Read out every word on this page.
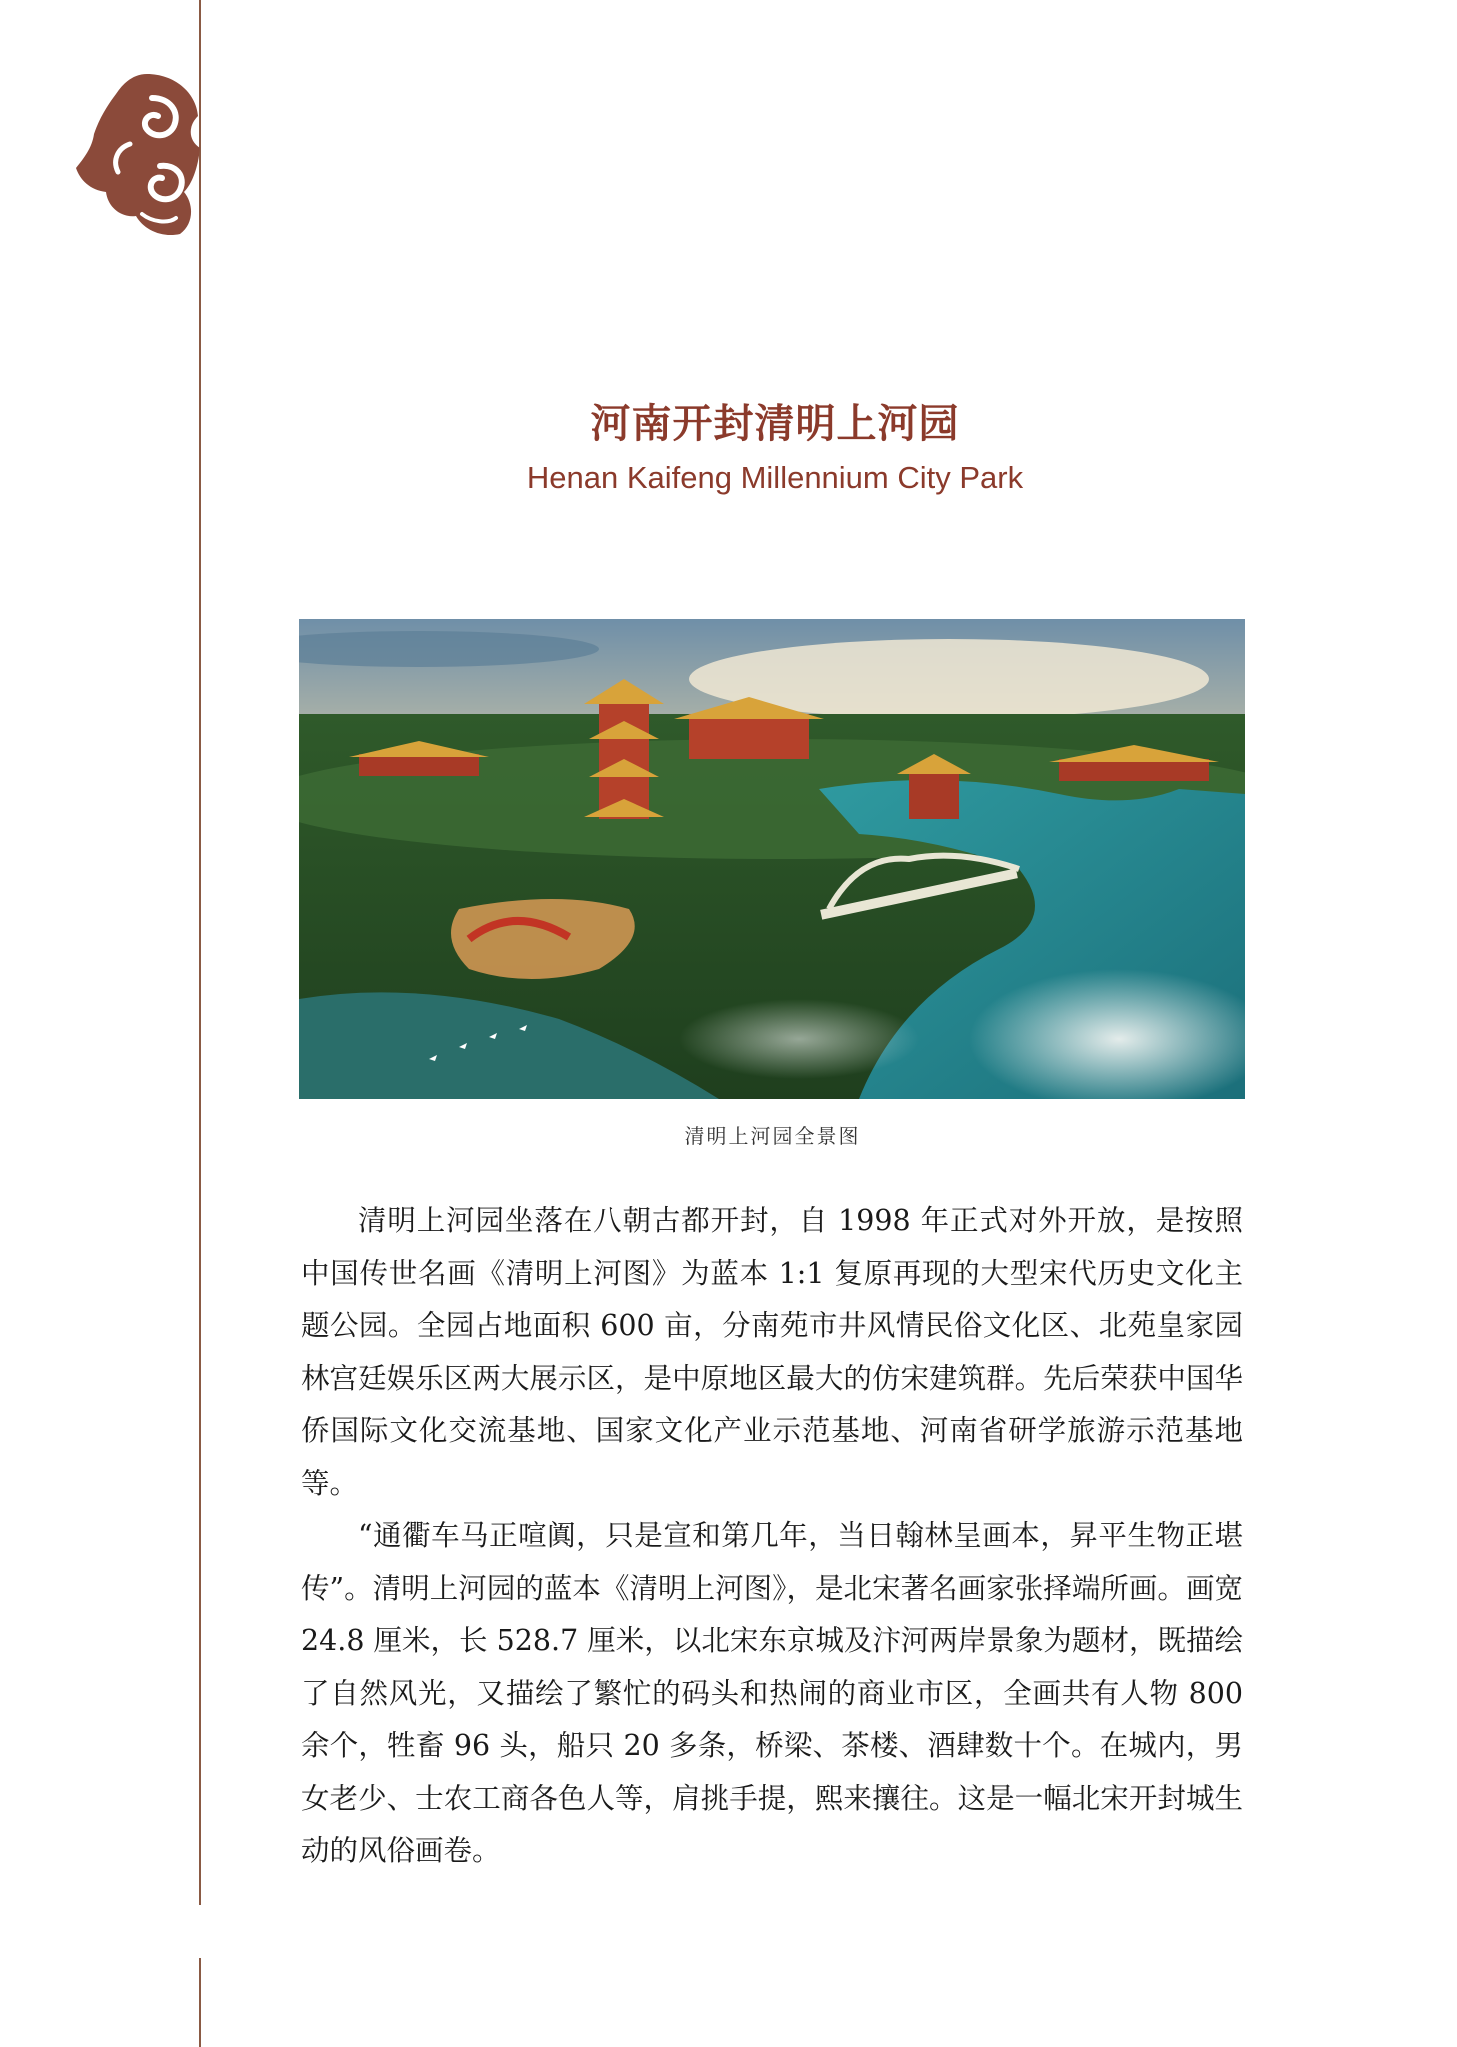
河南开封清明上河园
Henan Kaifeng Millennium City Park
清明上河园全景图

清明上河园坐落在八朝古都开封，自 1998 年正式对外开放，是按照中国传世名画《清明上河图》为蓝本 1:1 复原再现的大型宋代历史文化主题公园。全园占地面积 600 亩，分南苑市井风情民俗文化区、北苑皇家园林宫廷娱乐区两大展示区，是中原地区最大的仿宋建筑群。先后荣获中国华侨国际文化交流基地、国家文化产业示范基地、河南省研学旅游示范基地等。

“通衢车马正喧阗，只是宣和第几年，当日翰林呈画本，昇平生物正堪传”。清明上河园的蓝本《清明上河图》，是北宋著名画家张择端所画。画宽 24.8 厘米，长 528.7 厘米，以北宋东京城及汴河两岸景象为题材，既描绘了自然风光，又描绘了繁忙的码头和热闹的商业市区，全画共有人物 800 余个，牲畜 96 头，船只 20 多条，桥梁、茶楼、酒肆数十个。在城内，男女老少、士农工商各色人等，肩挑手提，熙来攘往。这是一幅北宋开封城生动的风俗画卷。
